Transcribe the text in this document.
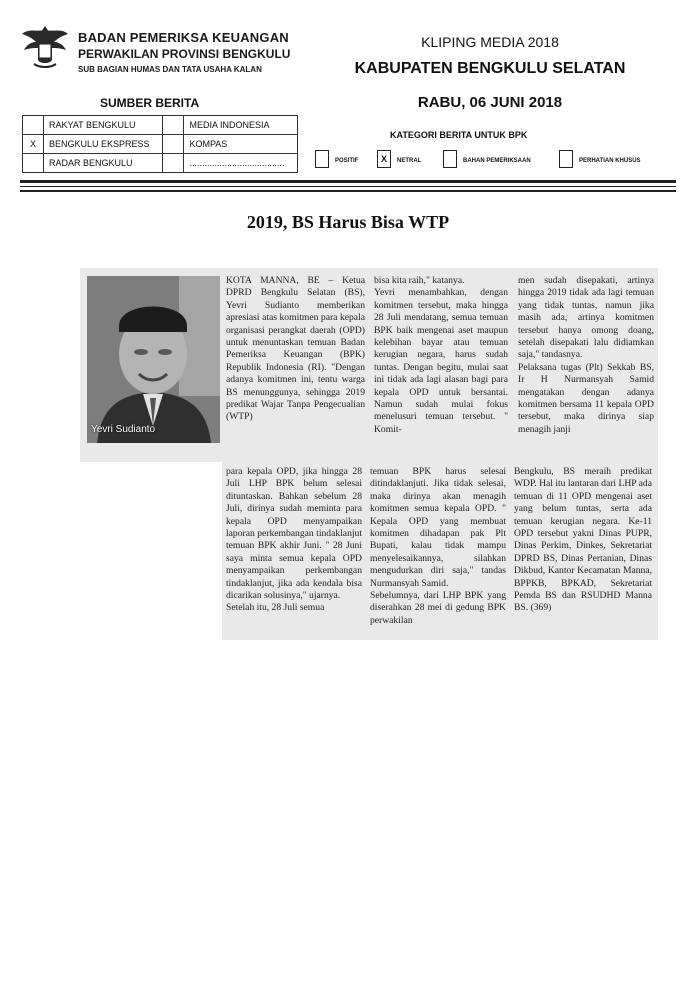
BADAN PEMERIKSA KEUANGAN
PERWAKILAN PROVINSI BENGKULU
SUB BAGIAN HUMAS DAN TATA USAHA KALAN
KLIPING MEDIA 2018
KABUPATEN BENGKULU SELATAN
RABU, 06 JUNI 2018
SUMBER BERITA
	RAKYAT BENGKULU		MEDIA INDONESIA
X	BENGKULU EKSPRESS		KOMPAS
	RADAR BENGKULU		......................................
KATEGORI BERITA UNTUK BPK
POSITIF	X	NETRAL	BAHAN PEMERIKSAAN	PERHATIAN KHUSUS
2019, BS Harus Bisa WTP
Yevri Sudianto
KOTA MANNA, BE – Ketua DPRD Bengkulu Selatan (BS), Yevri Sudianto memberikan apresiasi atas komitmen para kepala organisasi perangkat daerah (OPD) untuk menuntaskan temuan Badan Pemeriksa Keuangan (BPK) Republik Indonesia (RI). "Dengan adanya komitmen ini, tentu warga BS menunggunya, sehingga 2019 predikat Wajar Tanpa Pengecualian (WTP)
bisa kita raih," katanya.
Yevri menambahkan, dengan komitmen tersebut, maka hingga 28 Juli mendatang, semua temuan BPK baik mengenai aset maupun kelebihan bayar atau temuan kerugian negara, harus sudah tuntas. Dengan begitu, mulai saat ini tidak ada lagi alasan bagi para kepala OPD untuk bersantai. Namun sudah mulai fokus menelusuri temuan tersebut. " Komit-
men sudah disepakati, artinya hingga 2019 tidak ada lagi temuan yang tidak tuntas, namun jika masih ada, artinya komitmen tersebut hanya omong doang, setelah disepakati lalu didiamkan saja," tandasnya.
Pelaksana tugas (Plt) Sekkab BS, Ir H Nurmansyah Samid mengatakan dengan adanya komitmen bersama 11 kepala OPD tersebut, maka dirinya siap menagih janji
para kepala OPD, jika hingga 28 Juli LHP BPK belum selesai dituntaskan. Bahkan sebelum 28 Juli, dirinya sudah meminta para kepala OPD menyampaikan laporan perkembangan tindaklanjut temuan BPK akhir Juni. " 28 Juni saya minta semua kepala OPD menyampaikan perkembangan tindaklanjut, jika ada kendala bisa dicarikan solusinya," ujarnya.
Setelah itu, 28 Juli semua
temuan BPK harus selesai ditindaklanjuti. Jika tidak selesai, maka dirinya akan menagih komitmen semua kepala OPD. " Kepala OPD yang membuat komitmen dihadapan pak Plt Bupati, kalau tidak mampu menyelesaikannya, silahkan mengudurkan diri saja," tandas Nurmansyah Samid.
Sebelumnya, dari LHP BPK yang diserahkan 28 mei di gedung BPK perwakilan
Bengkulu, BS meraih predikat WDP. Hal itu lantaran dari LHP ada temuan di 11 OPD mengenai aset yang belum tuntas, serta ada temuan kerugian negara. Ke-11 OPD tersebut yakni Dinas PUPR, Dinas Perkim, Dinkes, Sekretariat DPRD BS, Dinas Pertanian, Dinas Dikbud, Kantor Kecamatan Manna, BPPKB, BPKAD, Sekretariat Pemda BS dan RSUDHD Manna BS. (369)
